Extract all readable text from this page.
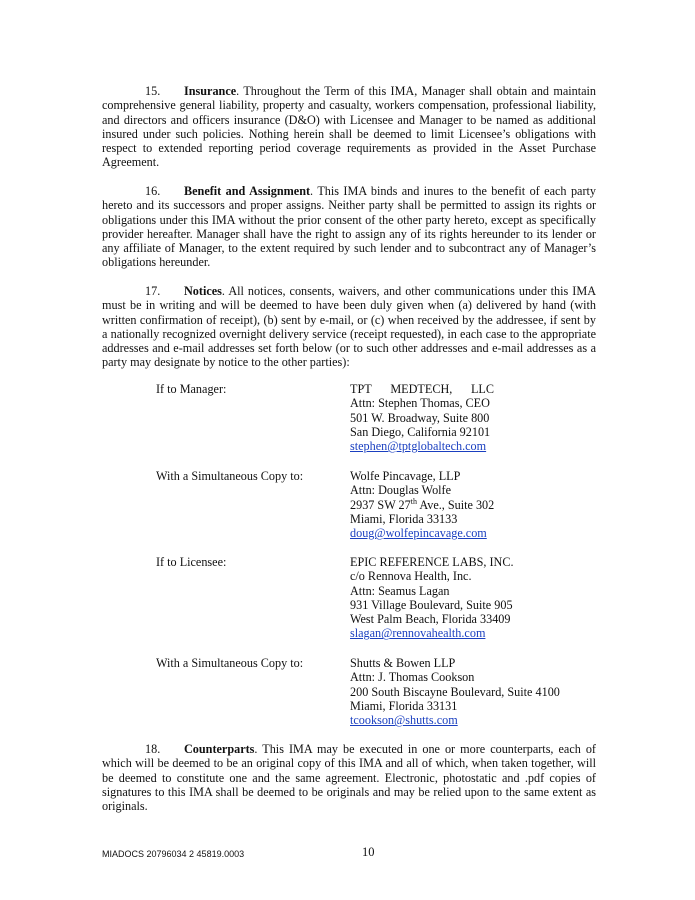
15. Insurance. Throughout the Term of this IMA, Manager shall obtain and maintain comprehensive general liability, property and casualty, workers compensation, professional liability, and directors and officers insurance (D&O) with Licensee and Manager to be named as additional insured under such policies. Nothing herein shall be deemed to limit Licensee’s obligations with respect to extended reporting period coverage requirements as provided in the Asset Purchase Agreement.

16. Benefit and Assignment. This IMA binds and inures to the benefit of each party hereto and its successors and proper assigns. Neither party shall be permitted to assign its rights or obligations under this IMA without the prior consent of the other party hereto, except as specifically provider hereafter. Manager shall have the right to assign any of its rights hereunder to its lender or any affiliate of Manager, to the extent required by such lender and to subcontract any of Manager’s obligations hereunder.

17. Notices. All notices, consents, waivers, and other communications under this IMA must be in writing and will be deemed to have been duly given when (a) delivered by hand (with written confirmation of receipt), (b) sent by e-mail, or (c) when received by the addressee, if sent by a nationally recognized overnight delivery service (receipt requested), in each case to the appropriate addresses and e-mail addresses set forth below (or to such other addresses and e-mail addresses as a party may designate by notice to the other parties):

If to Manager:	TPT MEDTECH, LLC
Attn: Stephen Thomas, CEO
501 W. Broadway, Suite 800
San Diego, California 92101
stephen@tptglobaltech.com
With a Simultaneous Copy to:	Wolfe Pincavage, LLP
Attn: Douglas Wolfe
2937 SW 27th Ave., Suite 302
Miami, Florida 33133
doug@wolfepincavage.com
If to Licensee:	EPIC REFERENCE LABS, INC.
c/o Rennova Health, Inc.
Attn: Seamus Lagan
931 Village Boulevard, Suite 905
West Palm Beach, Florida 33409
slagan@rennovahealth.com
With a Simultaneous Copy to:	Shutts & Bowen LLP
Attn: J. Thomas Cookson
200 South Biscayne Boulevard, Suite 4100
Miami, Florida 33131
tcookson@shutts.com

18. Counterparts. This IMA may be executed in one or more counterparts, each of which will be deemed to be an original copy of this IMA and all of which, when taken together, will be deemed to constitute one and the same agreement. Electronic, photostatic and .pdf copies of signatures to this IMA shall be deemed to be originals and may be relied upon to the same extent as originals.

MIADOCS 20796034 2 45819.0003	10
